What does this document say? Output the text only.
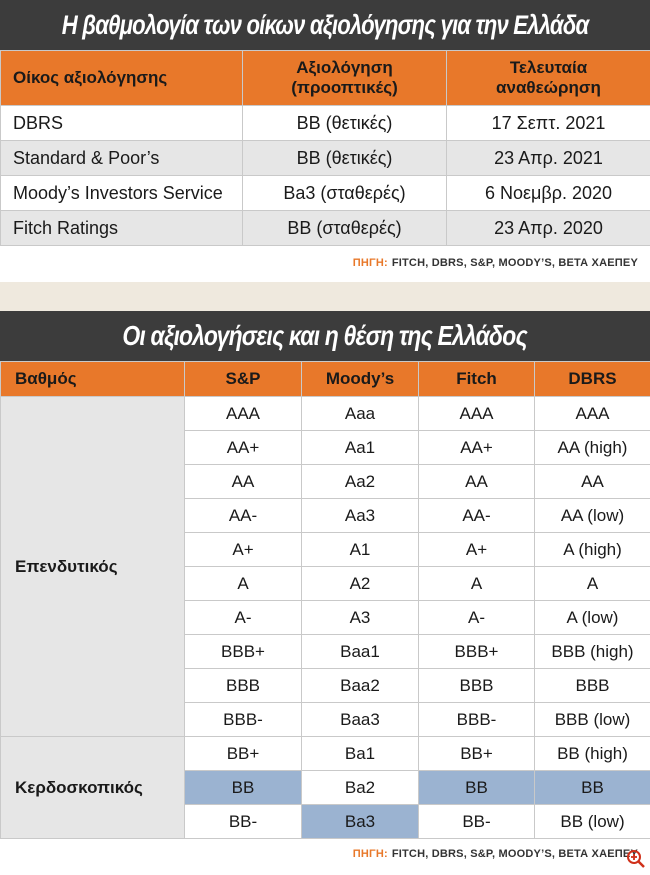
Η βαθμολογία των οίκων αξιολόγησης για την Ελλάδα
Οίκος αξιολόγησης	Αξιολόγηση (προοπτικές)	Τελευταία αναθεώρηση
DBRS	BB (θετικές)	17 Σεπτ. 2021
Standard & Poor’s	BB (θετικές)	23 Απρ. 2021
Moody’s Investors Service	Ba3 (σταθερές)	6 Νοεμβρ. 2020
Fitch Ratings	BB (σταθερές)	23 Απρ. 2020
ΠΗΓΗ: FITCH, DBRS, S&P, MOODY’S, ΒΕΤΑ ΧΑΕΠΕΥ
Οι αξιολογήσεις και η θέση της Ελλάδος
Βαθμός	S&P	Moody’s	Fitch	DBRS
Επενδυτικός	AAA	Aaa	AAA	AAA
	AA+	Aa1	AA+	AA (high)
	AA	Aa2	AA	AA
	AA-	Aa3	AA-	AA (low)
	A+	A1	A+	A (high)
	A	A2	A	A
	A-	A3	A-	A (low)
	BBB+	Baa1	BBB+	BBB (high)
	BBB	Baa2	BBB	BBB
	BBB-	Baa3	BBB-	BBB (low)
Κερδοσκοπικός	BB+	Ba1	BB+	BB (high)
	BB	Ba2	BB	BB
	BB-	Ba3	BB-	BB (low)
ΠΗΓΗ: FITCH, DBRS, S&P, MOODY’S, ΒΕΤΑ ΧΑΕΠΕΥ
